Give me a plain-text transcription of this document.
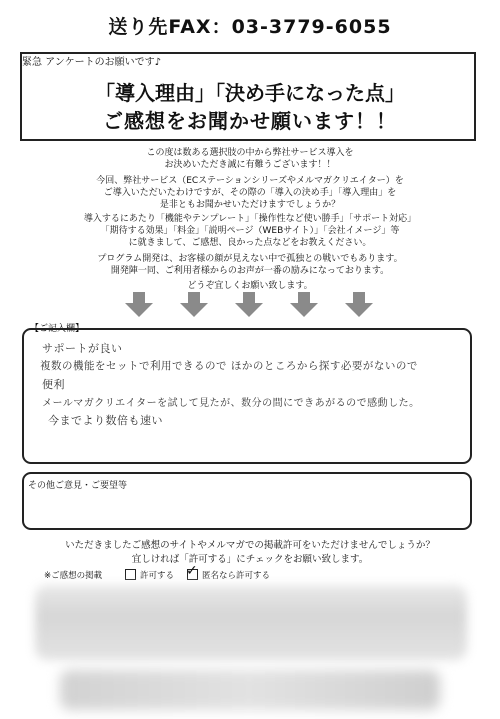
送り先FAX：03-3779-6055
緊急 アンケートのお願いです♪
「導入理由」「決め手になった点」
ご感想をお聞かせ願います！！
この度は数ある選択肢の中から弊社サービス導入を
お決めいただき誠に有難うございます！！
今回、弊社サービス（ECステーションシリーズやメルマガクリエイター）を
ご導入いただいたわけですが、その際の「導入の決め手」「導入理由」を
是非ともお聞かせいただけますでしょうか？
導入するにあたり「機能やテンプレート」「操作性など使い勝手」「サポート対応」
「期待する効果」「料金」「説明ページ（WEBサイト）」「会社イメージ」等
に就きまして、ご感想、良かった点などをお教えください。
プログラム開発は、お客様の顔が見えない中で孤独との戦いでもあります。
開発陣一同、ご利用者様からのお声が一番の励みになっております。
どうぞ宜しくお願い致します。
【ご記入欄】
サポートが良い
複数の機能をセットで利用できるので ほかのところから探す必要がないので
便利
メールマガクリエイターを試して見たが、数分の間にできあがるので感動した。
今までより数倍も速い
その他ご意見・ご要望等
いただきましたご感想のサイトやメルマガでの掲載許可をいただけませんでしょうか？
宜しければ「許可する」にチェックをお願い致します。
※ご感想の掲載	許可する ✓ 匿名なら許可する
